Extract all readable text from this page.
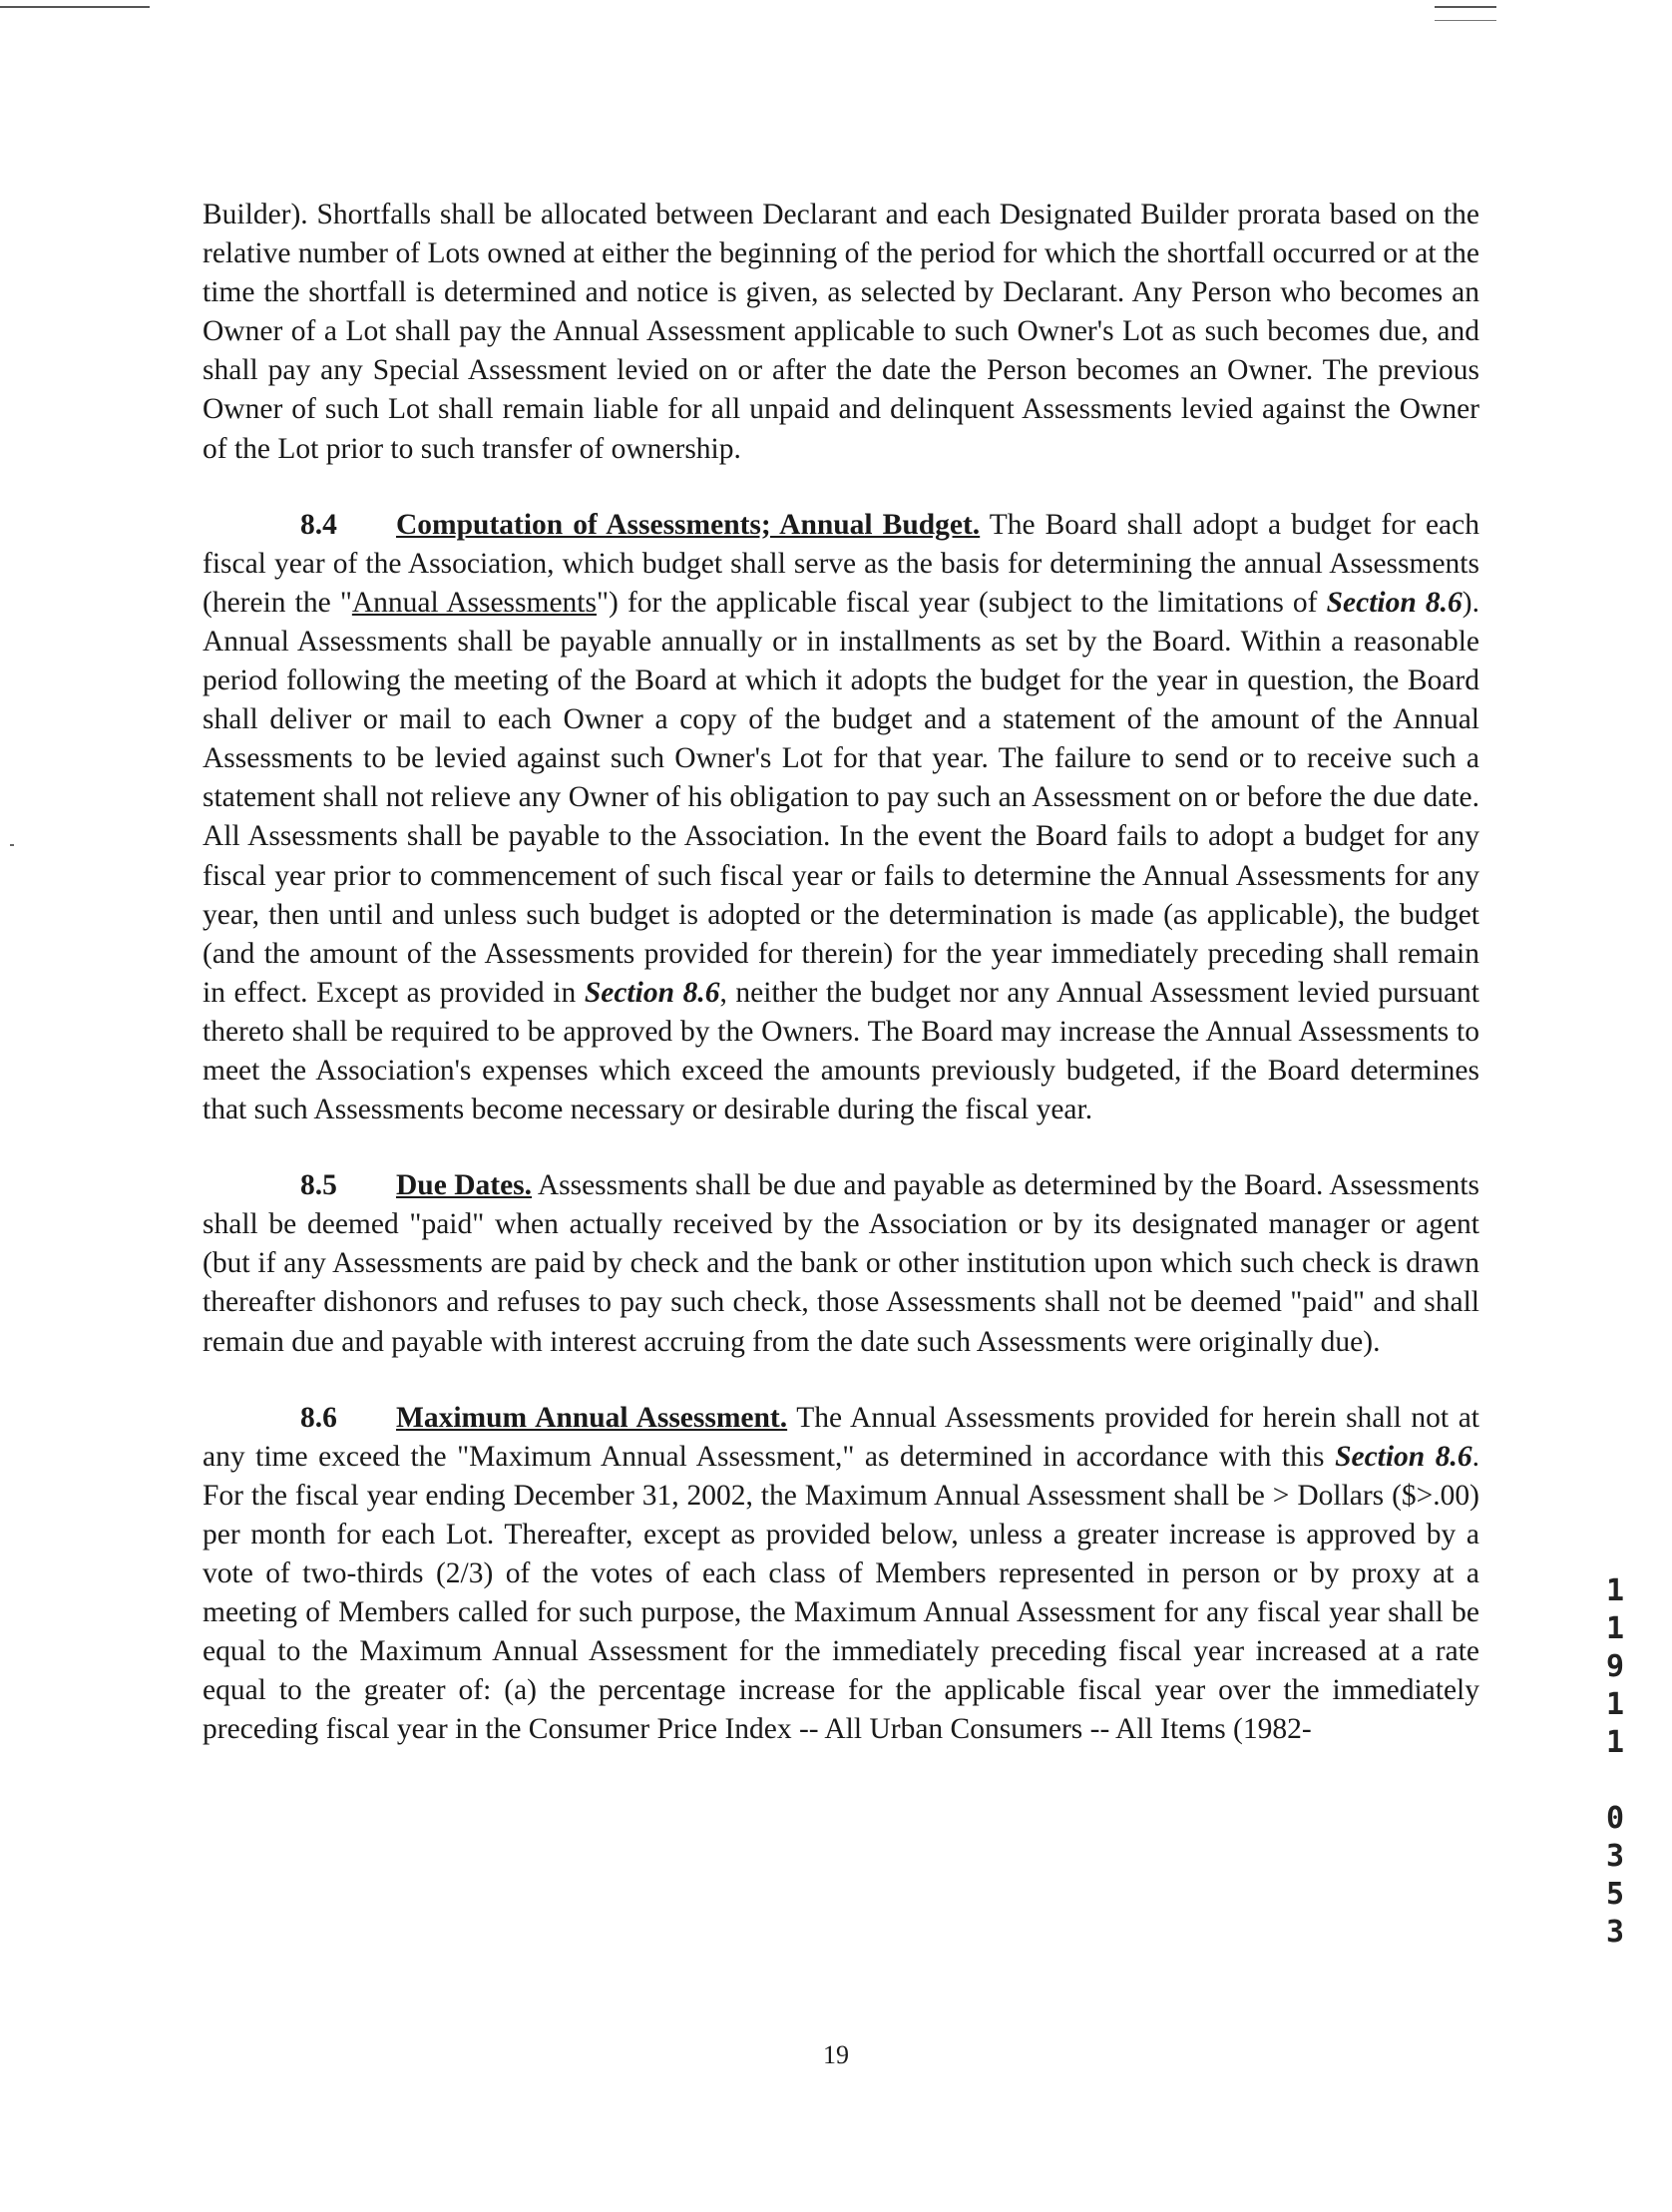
Builder). Shortfalls shall be allocated between Declarant and each Designated Builder prorata based on the relative number of Lots owned at either the beginning of the period for which the shortfall occurred or at the time the shortfall is determined and notice is given, as selected by Declarant. Any Person who becomes an Owner of a Lot shall pay the Annual Assessment applicable to such Owner's Lot as such becomes due, and shall pay any Special Assessment levied on or after the date the Person becomes an Owner. The previous Owner of such Lot shall remain liable for all unpaid and delinquent Assessments levied against the Owner of the Lot prior to such transfer of ownership.

8.4 Computation of Assessments; Annual Budget. The Board shall adopt a budget for each fiscal year of the Association, which budget shall serve as the basis for determining the annual Assessments (herein the "Annual Assessments") for the applicable fiscal year (subject to the limitations of Section 8.6). Annual Assessments shall be payable annually or in installments as set by the Board. Within a reasonable period following the meeting of the Board at which it adopts the budget for the year in question, the Board shall deliver or mail to each Owner a copy of the budget and a statement of the amount of the Annual Assessments to be levied against such Owner's Lot for that year. The failure to send or to receive such a statement shall not relieve any Owner of his obligation to pay such an Assessment on or before the due date. All Assessments shall be payable to the Association. In the event the Board fails to adopt a budget for any fiscal year prior to commencement of such fiscal year or fails to determine the Annual Assessments for any year, then until and unless such budget is adopted or the determination is made (as applicable), the budget (and the amount of the Assessments provided for therein) for the year immediately preceding shall remain in effect. Except as provided in Section 8.6, neither the budget nor any Annual Assessment levied pursuant thereto shall be required to be approved by the Owners. The Board may increase the Annual Assessments to meet the Association's expenses which exceed the amounts previously budgeted, if the Board determines that such Assessments become necessary or desirable during the fiscal year.

8.5 Due Dates. Assessments shall be due and payable as determined by the Board. Assessments shall be deemed "paid" when actually received by the Association or by its designated manager or agent (but if any Assessments are paid by check and the bank or other institution upon which such check is drawn thereafter dishonors and refuses to pay such check, those Assessments shall not be deemed "paid" and shall remain due and payable with interest accruing from the date such Assessments were originally due).

8.6 Maximum Annual Assessment. The Annual Assessments provided for herein shall not at any time exceed the "Maximum Annual Assessment," as determined in accordance with this Section 8.6. For the fiscal year ending December 31, 2002, the Maximum Annual Assessment shall be > Dollars ($>.00) per month for each Lot. Thereafter, except as provided below, unless a greater increase is approved by a vote of two-thirds (2/3) of the votes of each class of Members represented in person or by proxy at a meeting of Members called for such purpose, the Maximum Annual Assessment for any fiscal year shall be equal to the Maximum Annual Assessment for the immediately preceding fiscal year increased at a rate equal to the greater of: (a) the percentage increase for the applicable fiscal year over the immediately preceding fiscal year in the Consumer Price Index -- All Urban Consumers -- All Items (1982-

1
1
9
1
1
0
3
5
3
19
